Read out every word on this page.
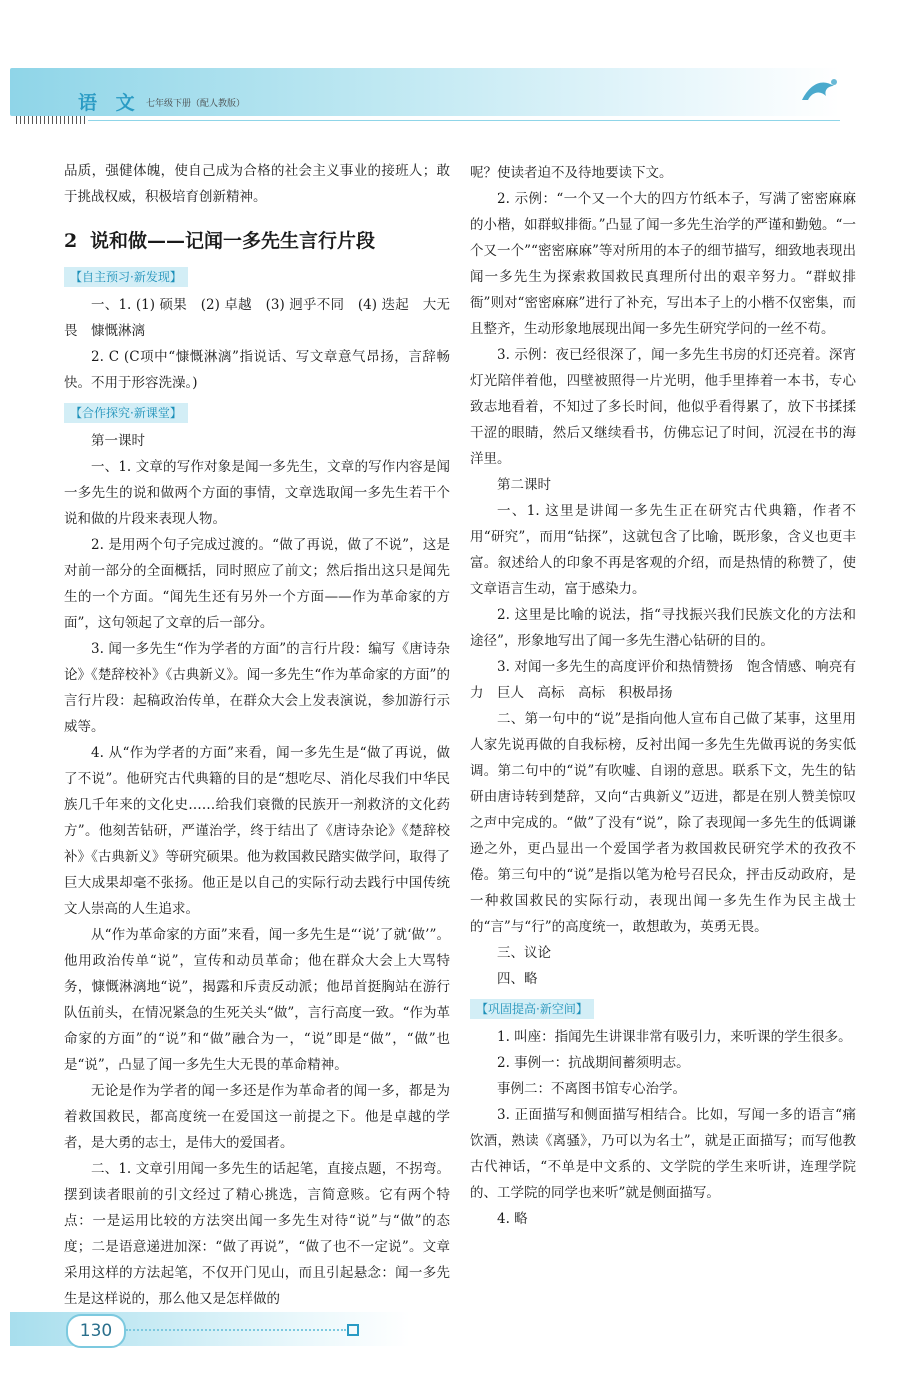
语 文 七年级下册（配人教版）

品质，强健体魄，使自己成为合格的社会主义事业的接班人；敢于挑战权威，积极培育创新精神。

2 说和做——记闻一多先生言行片段
【自主预习·新发现】

一、1. (1) 硕果　(2) 卓越　(3) 迥乎不同　(4) 迭起　大无畏　慷慨淋漓

2. C (C项中“慷慨淋漓”指说话、写文章意气昂扬，言辞畅快。不用于形容洗澡。)

【合作探究·新课堂】

第一课时

一、1. 文章的写作对象是闻一多先生，文章的写作内容是闻一多先生的说和做两个方面的事情，文章选取闻一多先生若干个说和做的片段来表现人物。

2. 是用两个句子完成过渡的。“做了再说，做了不说”，这是对前一部分的全面概括，同时照应了前文；然后指出这只是闻先生的一个方面。“闻先生还有另外一个方面——作为革命家的方面”，这句领起了文章的后一部分。

3. 闻一多先生“作为学者的方面”的言行片段：编写《唐诗杂论》《楚辞校补》《古典新义》。闻一多先生“作为革命家的方面”的言行片段：起稿政治传单，在群众大会上发表演说，参加游行示威等。

4. 从“作为学者的方面”来看，闻一多先生是“做了再说，做了不说”。他研究古代典籍的目的是“想吃尽、消化尽我们中华民族几千年来的文化史……给我们衰微的民族开一剂救济的文化药方”。他刻苦钻研，严谨治学，终于结出了《唐诗杂论》《楚辞校补》《古典新义》等研究硕果。他为救国救民踏实做学问，取得了巨大成果却毫不张扬。他正是以自己的实际行动去践行中国传统文人崇高的人生追求。

从“作为革命家的方面”来看，闻一多先生是“‘说’了就‘做’”。他用政治传单“说”，宣传和动员革命；他在群众大会上大骂特务，慷慨淋漓地“说”，揭露和斥责反动派；他昂首挺胸站在游行队伍前头，在情况紧急的生死关头“做”，言行高度一致。“作为革命家的方面”的“说”和“做”融合为一，“说”即是“做”，“做”也是“说”，凸显了闻一多先生大无畏的革命精神。

无论是作为学者的闻一多还是作为革命者的闻一多，都是为着救国救民，都高度统一在爱国这一前提之下。他是卓越的学者，是大勇的志士，是伟大的爱国者。

二、1. 文章引用闻一多先生的话起笔，直接点题，不拐弯。摆到读者眼前的引文经过了精心挑选，言简意赅。它有两个特点：一是运用比较的方法突出闻一多先生对待“说”与“做”的态度；二是语意递进加深：“做了再说”，“做了也不一定说”。文章采用这样的方法起笔，不仅开门见山，而且引起悬念：闻一多先生是这样说的，那么他又是怎样做的

呢？使读者迫不及待地要读下文。

2. 示例：“一个又一个大的四方竹纸本子，写满了密密麻麻的小楷，如群蚁排衙。”凸显了闻一多先生治学的严谨和勤勉。“一个又一个”“密密麻麻”等对所用的本子的细节描写，细致地表现出闻一多先生为探索救国救民真理所付出的艰辛努力。“群蚁排衙”则对“密密麻麻”进行了补充，写出本子上的小楷不仅密集，而且整齐，生动形象地展现出闻一多先生研究学问的一丝不苟。

3. 示例：夜已经很深了，闻一多先生书房的灯还亮着。深宵灯光陪伴着他，四壁被照得一片光明，他手里捧着一本书，专心致志地看着，不知过了多长时间，他似乎看得累了，放下书揉揉干涩的眼睛，然后又继续看书，仿佛忘记了时间，沉浸在书的海洋里。

第二课时

一、1. 这里是讲闻一多先生正在研究古代典籍，作者不用“研究”，而用“钻探”，这就包含了比喻，既形象，含义也更丰富。叙述给人的印象不再是客观的介绍，而是热情的称赞了，使文章语言生动，富于感染力。

2. 这里是比喻的说法，指“寻找振兴我们民族文化的方法和途径”，形象地写出了闻一多先生潜心钻研的目的。

3. 对闻一多先生的高度评价和热情赞扬　饱含情感、响亮有力　巨人　高标　高标　积极昂扬

二、第一句中的“说”是指向他人宣布自己做了某事，这里用人家先说再做的自我标榜，反衬出闻一多先生先做再说的务实低调。第二句中的“说”有吹嘘、自诩的意思。联系下文，先生的钻研由唐诗转到楚辞，又向“古典新义”迈进，都是在别人赞美惊叹之声中完成的。“做”了没有“说”，除了表现闻一多先生的低调谦逊之外，更凸显出一个爱国学者为救国救民研究学术的孜孜不倦。第三句中的“说”是指以笔为枪号召民众，抨击反动政府，是一种救国救民的实际行动，表现出闻一多先生作为民主战士的“言”与“行”的高度统一，敢想敢为，英勇无畏。

三、议论

四、略

【巩固提高·新空间】

1. 叫座：指闻先生讲课非常有吸引力，来听课的学生很多。

2. 事例一：抗战期间蓄须明志。

事例二：不离图书馆专心治学。

3. 正面描写和侧面描写相结合。比如，写闻一多的语言“痛饮酒，熟读《离骚》，乃可以为名士”，就是正面描写；而写他教古代神话，“不单是中文系的、文学院的学生来听讲，连理学院的、工学院的同学也来听”就是侧面描写。

4. 略

130
